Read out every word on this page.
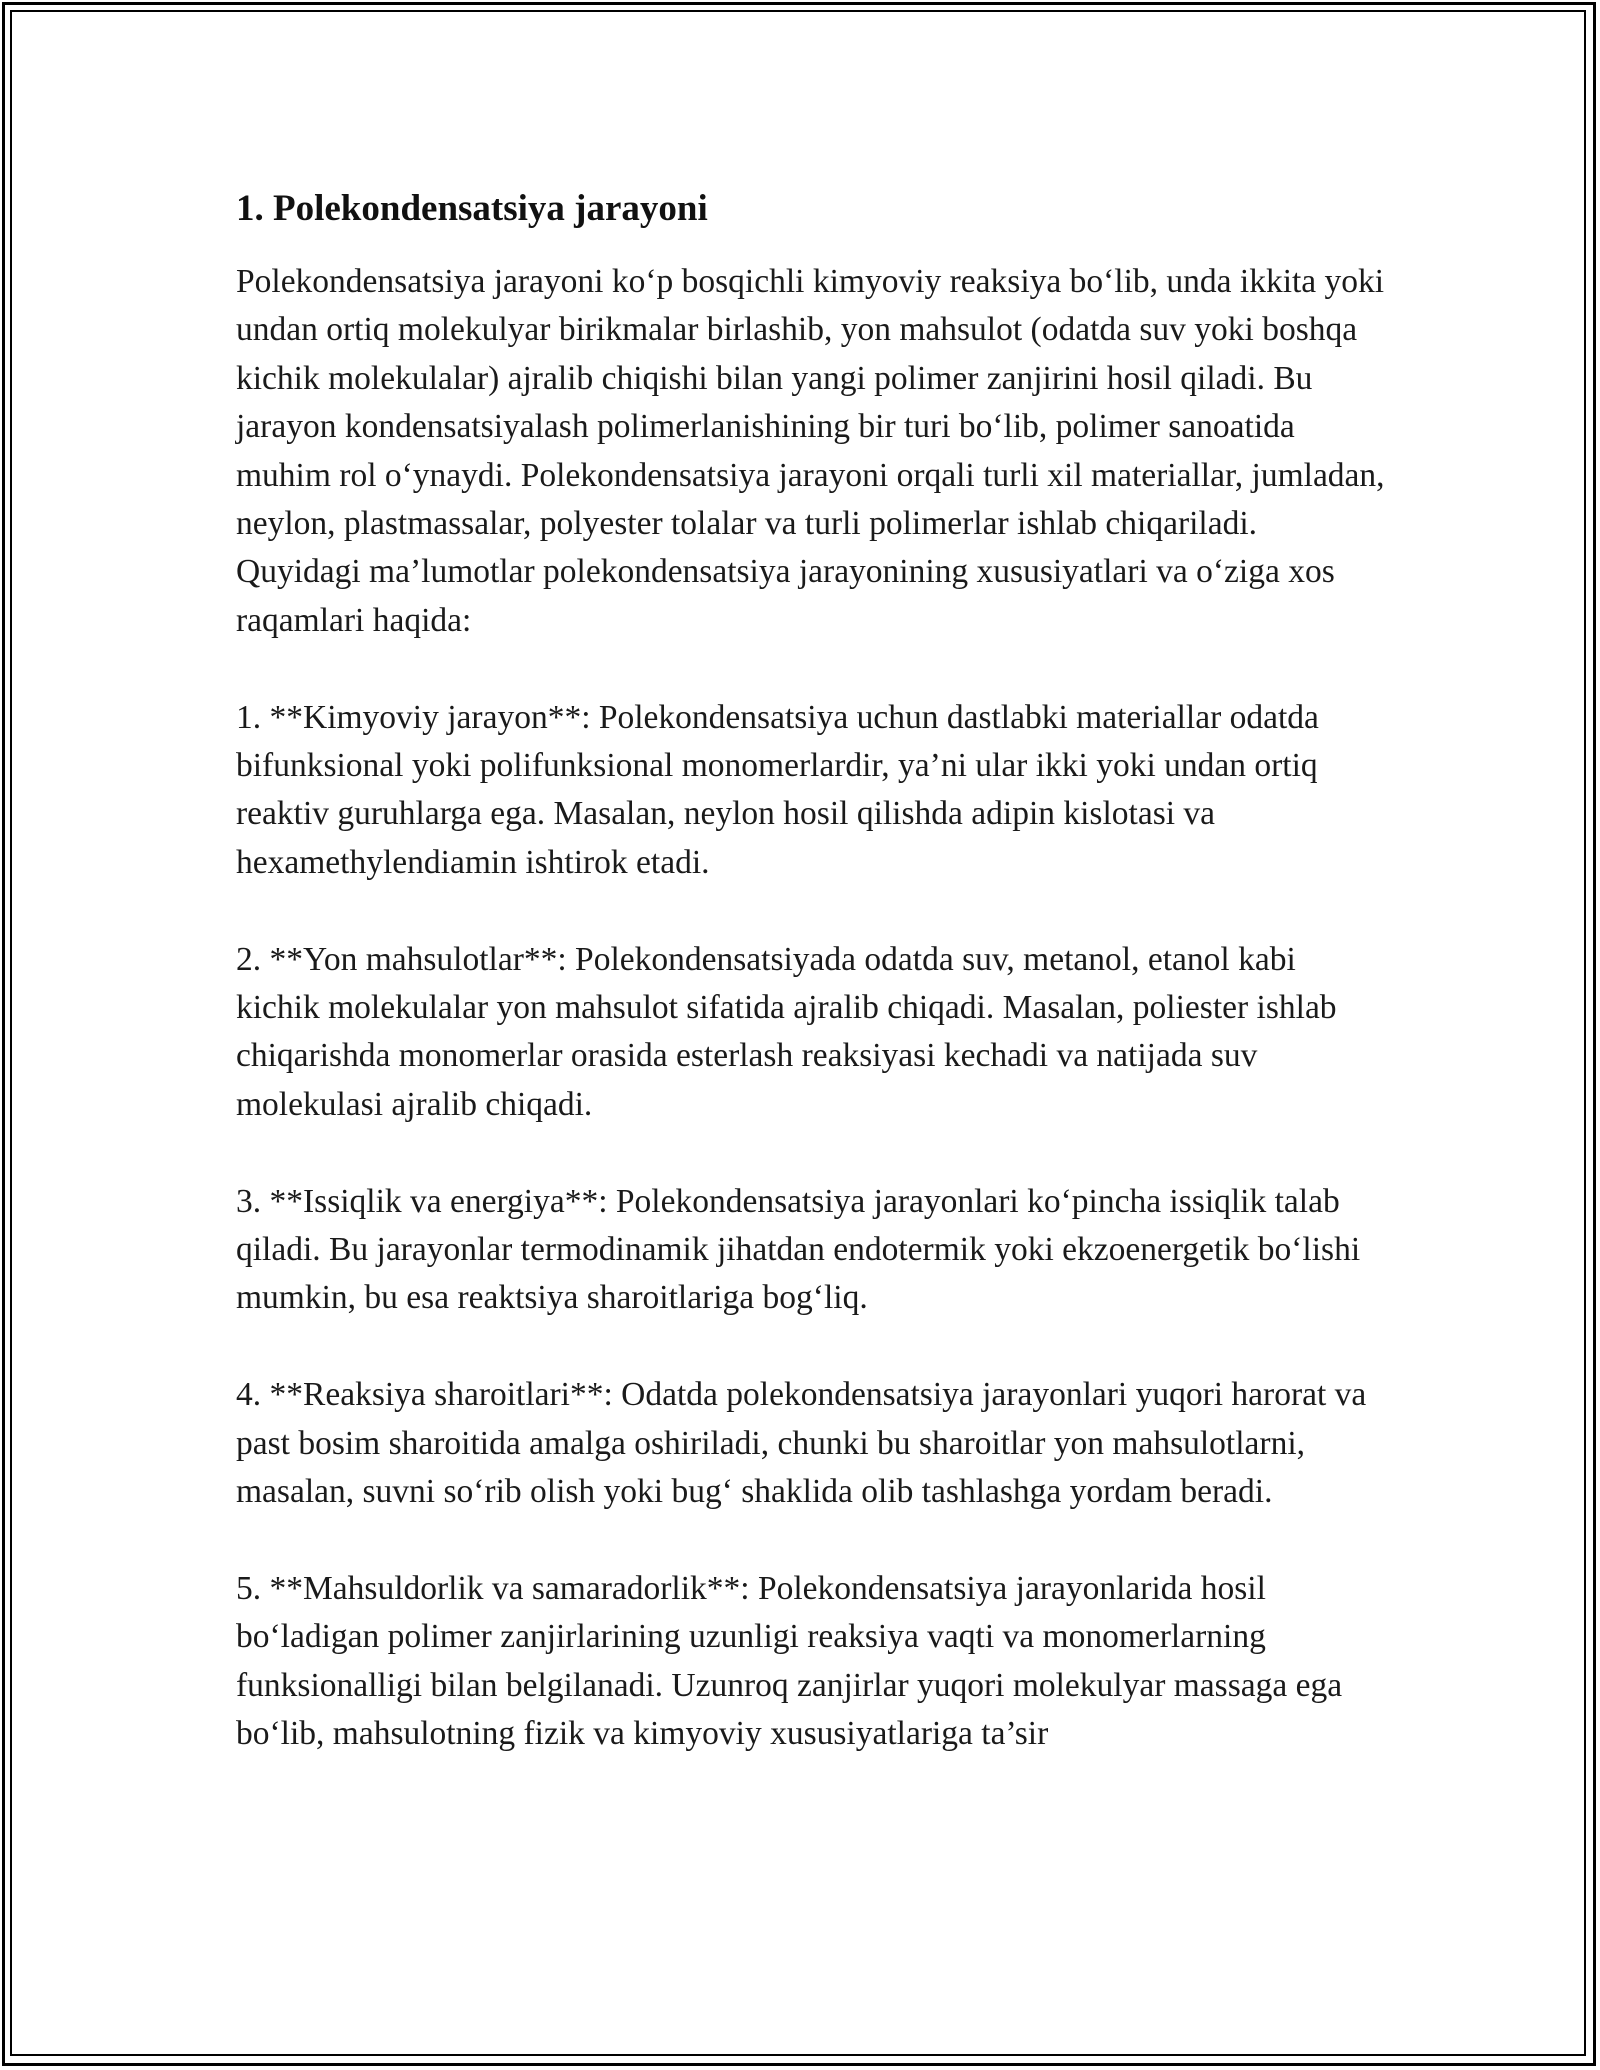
1. Polekondensatsiya jarayoni

Polekondensatsiya jarayoni ko‘p bosqichli kimyoviy reaksiya bo‘lib, unda ikkita yoki undan ortiq molekulyar birikmalar birlashib, yon mahsulot (odatda suv yoki boshqa kichik molekulalar) ajralib chiqishi bilan yangi polimer zanjirini hosil qiladi. Bu jarayon kondensatsiyalash polimerlanishining bir turi bo‘lib, polimer sanoatida muhim rol o‘ynaydi. Polekondensatsiya jarayoni orqali turli xil materiallar, jumladan, neylon, plastmassalar, polyester tolalar va turli polimerlar ishlab chiqariladi. Quyidagi ma’lumotlar polekondensatsiya jarayonining xususiyatlari va o‘ziga xos raqamlari haqida:

1. **Kimyoviy jarayon**: Polekondensatsiya uchun dastlabki materiallar odatda bifunksional yoki polifunksional monomerlardir, ya’ni ular ikki yoki undan ortiq reaktiv guruhlarga ega. Masalan, neylon hosil qilishda adipin kislotasi va hexamethylendiamin ishtirok etadi.

2. **Yon mahsulotlar**: Polekondensatsiyada odatda suv, metanol, etanol kabi kichik molekulalar yon mahsulot sifatida ajralib chiqadi. Masalan, poliester ishlab chiqarishda monomerlar orasida esterlash reaksiyasi kechadi va natijada suv molekulasi ajralib chiqadi.

3. **Issiqlik va energiya**: Polekondensatsiya jarayonlari ko‘pincha issiqlik talab qiladi. Bu jarayonlar termodinamik jihatdan endotermik yoki ekzoenergetik bo‘lishi mumkin, bu esa reaktsiya sharoitlariga bog‘liq.

4. **Reaksiya sharoitlari**: Odatda polekondensatsiya jarayonlari yuqori harorat va past bosim sharoitida amalga oshiriladi, chunki bu sharoitlar yon mahsulotlarni, masalan, suvni so‘rib olish yoki bug‘ shaklida olib tashlashga yordam beradi.

5. **Mahsuldorlik va samaradorlik**: Polekondensatsiya jarayonlarida hosil bo‘ladigan polimer zanjirlarining uzunligi reaksiya vaqti va monomerlarning funksionalligi bilan belgilanadi. Uzunroq zanjirlar yuqori molekulyar massaga ega bo‘lib, mahsulotning fizik va kimyoviy xususiyatlariga ta’sir
